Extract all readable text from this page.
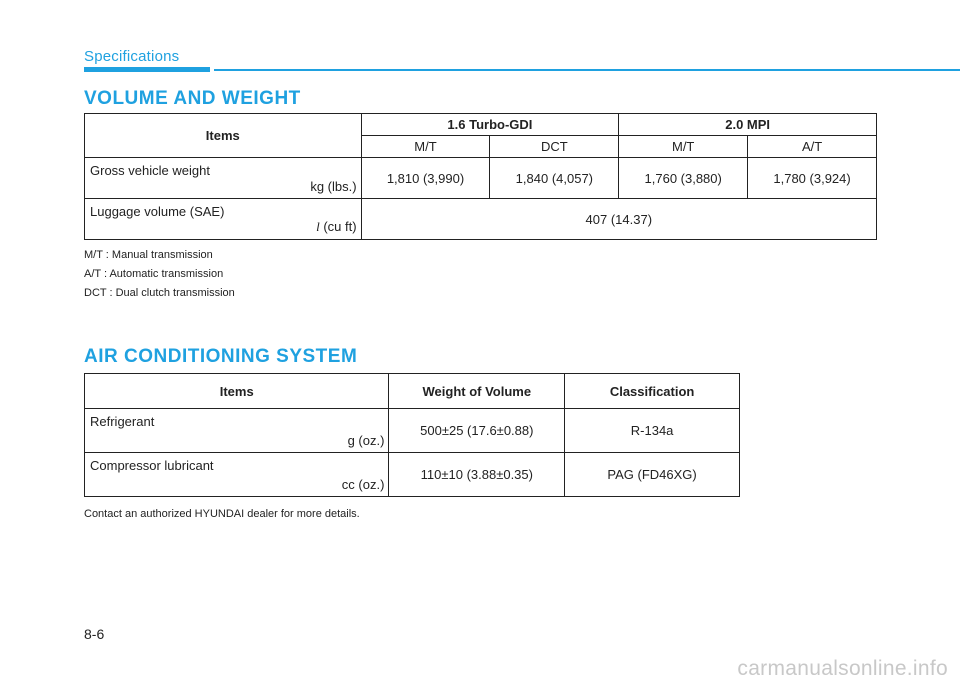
Specifications
VOLUME AND WEIGHT
Items	1.6 Turbo-GDI		2.0 MPI	
	M/T	DCT	M/T	A/T

Gross vehicle weight
kg (lbs.)	1,810 (3,990)	1,840 (4,057)	1,760 (3,880)	1,780 (3,924)

Luggage volume (SAE)
l (cu ft)	407 (14.37)			
M/T : Manual transmission
A/T : Automatic transmission
DCT : Dual clutch transmission
AIR CONDITIONING SYSTEM
Items	Weight of Volume	Classification

Refrigerant
g (oz.)	500±25 (17.6±0.88)	R-134a

Compressor lubricant
cc (oz.)	110±10 (3.88±0.35)	PAG (FD46XG)
Contact an authorized HYUNDAI dealer for more details.
8-6
carmanualsonline.info
